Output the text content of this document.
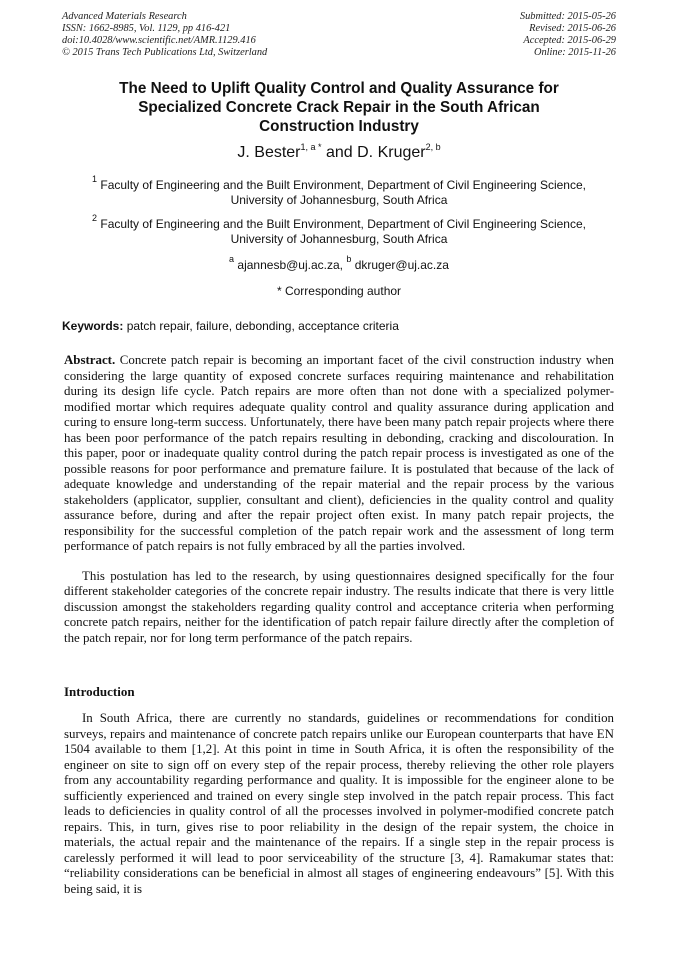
Advanced Materials Research
ISSN: 1662-8985, Vol. 1129, pp 416-421
doi:10.4028/www.scientific.net/AMR.1129.416
© 2015 Trans Tech Publications Ltd, Switzerland
Submitted: 2015-05-26
Revised: 2015-06-26
Accepted: 2015-06-29
Online: 2015-11-26
The Need to Uplift Quality Control and Quality Assurance for
Specialized Concrete Crack Repair in the South African
Construction Industry
J. Bester$^{1, a *}$ and D. Kruger$^{2, b}$
$^1$ Faculty of Engineering and the Built Environment, Department of Civil Engineering Science,
University of Johannesburg, South Africa
$^2$ Faculty of Engineering and the Built Environment, Department of Civil Engineering Science,
University of Johannesburg, South Africa
$^a$ ajannesb@uj.ac.za, $^b$ dkruger@uj.ac.za
* Corresponding author
Keywords: patch repair, failure, debonding, acceptance criteria

Abstract. Concrete patch repair is becoming an important facet of the civil construction industry when considering the large quantity of exposed concrete surfaces requiring maintenance and rehabilitation during its design life cycle. Patch repairs are more often than not done with a specialized polymer-modified mortar which requires adequate quality control and quality assurance during application and curing to ensure long-term success. Unfortunately, there have been many patch repair projects where there has been poor performance of the patch repairs resulting in debonding, cracking and discolouration. In this paper, poor or inadequate quality control during the patch repair process is investigated as one of the possible reasons for poor performance and premature failure. It is postulated that because of the lack of adequate knowledge and understanding of the repair material and the repair process by the various stakeholders (applicator, supplier, consultant and client), deficiencies in the quality control and quality assurance before, during and after the repair project often exist. In many patch repair projects, the responsibility for the successful completion of the patch repair work and the assessment of long term performance of patch repairs is not fully embraced by all the parties involved.

This postulation has led to the research, by using questionnaires designed specifically for the four different stakeholder categories of the concrete repair industry. The results indicate that there is very little discussion amongst the stakeholders regarding quality control and acceptance criteria when performing concrete patch repairs, neither for the identification of patch repair failure directly after the completion of the patch repair, nor for long term performance of the patch repairs.

Introduction

In South Africa, there are currently no standards, guidelines or recommendations for condition surveys, repairs and maintenance of concrete patch repairs unlike our European counterparts that have EN 1504 available to them [1,2]. At this point in time in South Africa, it is often the responsibility of the engineer on site to sign off on every step of the repair process, thereby relieving the other role players from any accountability regarding performance and quality. It is impossible for the engineer alone to be sufficiently experienced and trained on every single step involved in the patch repair process. This fact leads to deficiencies in quality control of all the processes involved in polymer-modified concrete patch repairs. This, in turn, gives rise to poor reliability in the design of the repair system, the choice in materials, the actual repair and the maintenance of the repairs. If a single step in the repair process is carelessly performed it will lead to poor serviceability of the structure [3, 4]. Ramakumar states that: “reliability considerations can be beneficial in almost all stages of engineering endeavours” [5]. With this being said, it is
